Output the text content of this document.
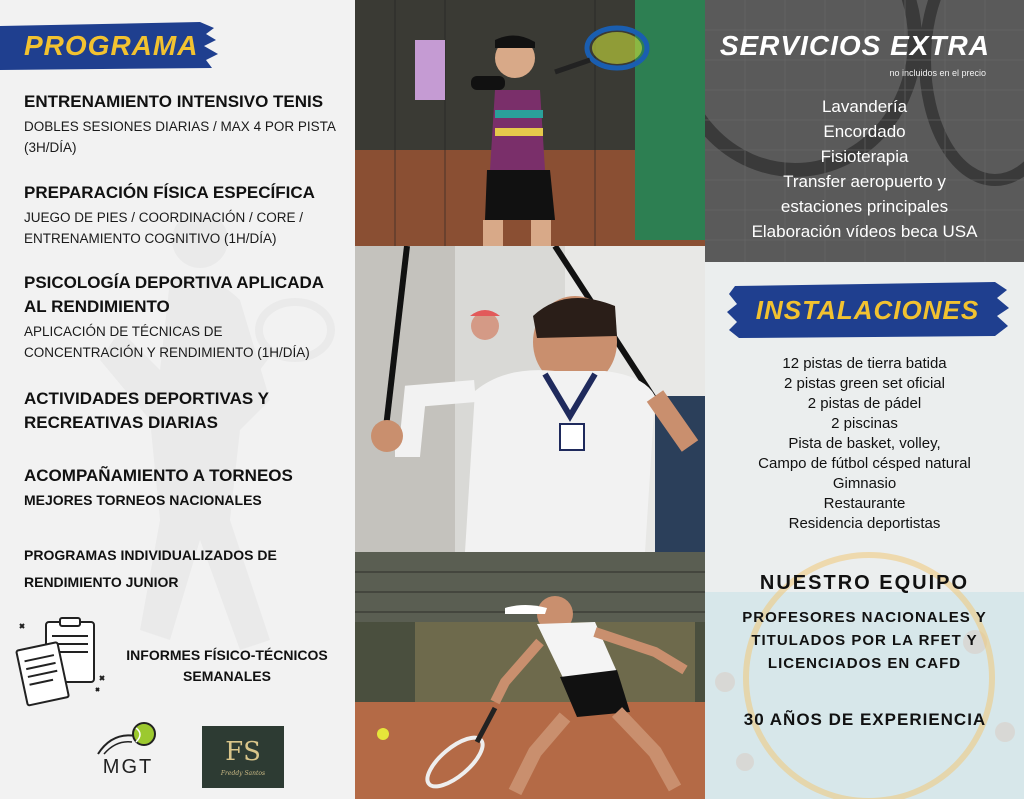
PROGRAMA
ENTRENAMIENTO INTENSIVO TENIS

DOBLES SESIONES DIARIAS / MAX 4 POR PISTA (3H/DÍA)

PREPARACIÓN FÍSICA ESPECÍFICA

JUEGO DE PIES / COORDINACIÓN / CORE / ENTRENAMIENTO COGNITIVO (1H/DÍA)

PSICOLOGÍA DEPORTIVA APLICADA AL RENDIMIENTO

APLICACIÓN DE TÉCNICAS DE CONCENTRACIÓN Y RENDIMIENTO (1H/DÍA)

ACTIVIDADES DEPORTIVAS Y RECREATIVAS DIARIAS
ACOMPAÑAMIENTO A TORNEOS
MEJORES TORNEOS NACIONALES
PROGRAMAS INDIVIDUALIZADOS DE RENDIMIENTO JUNIOR
INFORMES FÍSICO-TÉCNICOS SEMANALES
MGT
FS
Freddy Santos
SERVICIOS EXTRA
no incluidos en el precio
Lavandería
Encordado
Fisioterapia
Transfer aeropuerto y
estaciones principales
Elaboración vídeos beca USA
INSTALACIONES
12 pistas de tierra batida
2 pistas green set oficial
2 pistas de pádel
2 piscinas
Pista de basket, volley,
Campo de fútbol césped natural
Gimnasio
Restaurante
Residencia deportistas
NUESTRO EQUIPO
PROFESORES NACIONALES Y TITULADOS POR LA RFET Y LICENCIADOS EN CAFD
30 AÑOS DE EXPERIENCIA
